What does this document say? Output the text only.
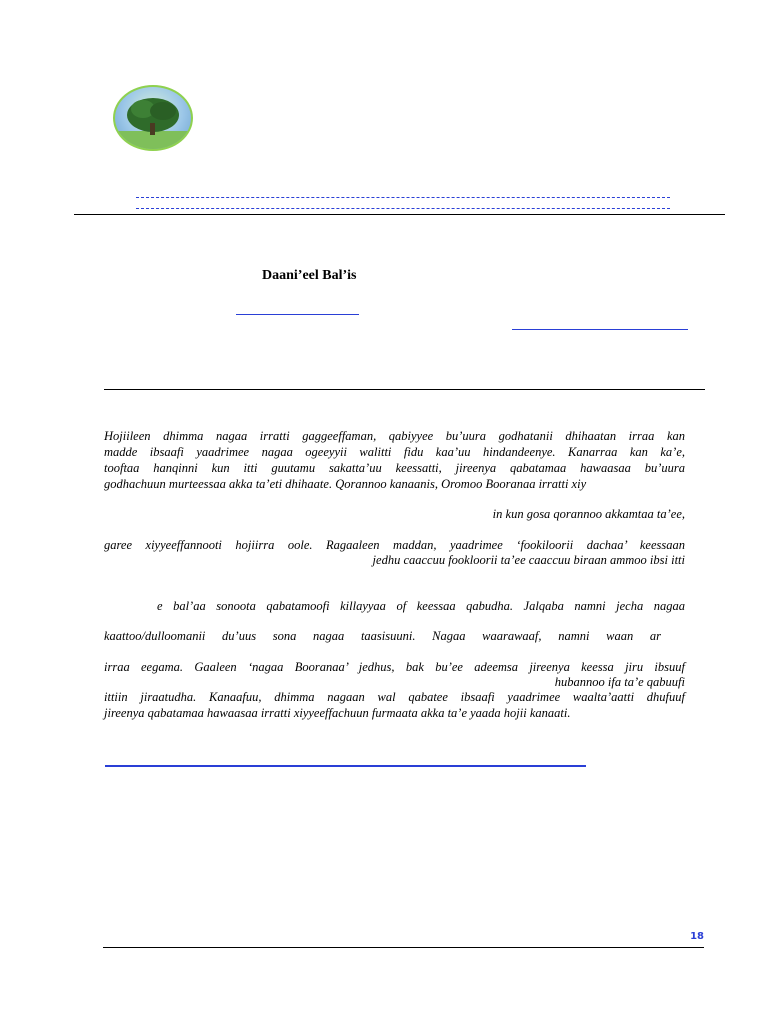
Daani’eel Bal’is
Hojiileen dhimma nagaa irratti gaggeeffaman, qabiyyee bu’uura godhatanii dhihaatan irraa kan
madde ibsaafi yaadrimee nagaa ogeeyyii walitti fidu kaa’uu hindandeenye. Kanarraa kan ka’e,
tooftaa hanqinni kun itti guutamu sakatta’uu keessatti, jireenya qabatamaa hawaasaa bu’uura
godhachuun murteessaa akka ta’eti dhihaate. Qorannoo kanaanis, Oromoo Booranaa irratti xiy
in kun gosa qorannoo akkamtaa ta’ee,
garee xiyyeeffannooti hojiirra oole. Ragaaleen maddan, yaadrimee ‘fookiloorii dachaa’ keessaan
jedhu caaccuu fookloorii ta’ee caaccuu biraan ammoo ibsi itti
e bal’aa sonoota qabatamoofi killayyaa of keessaa qabudha. Jalqaba namni jecha nagaa
kaattoo/dulloomanii du’uus sona nagaa taasisuuni. Nagaa waarawaaf, namni waan ar
irraa eegama. Gaaleen ‘nagaa Booranaa’ jedhus, bak bu’ee adeemsa jireenya keessa jiru ibsuuf
hubannoo ifa ta’e qabuufi
ittiin jiraatudha. Kanaafuu, dhimma nagaan wal qabatee ibsaafi yaadrimee waalta’aatti dhufuuf
jireenya qabatamaa hawaasaa irratti xiyyeeffachuun furmaata akka ta’e yaada hojii kanaati.
18
